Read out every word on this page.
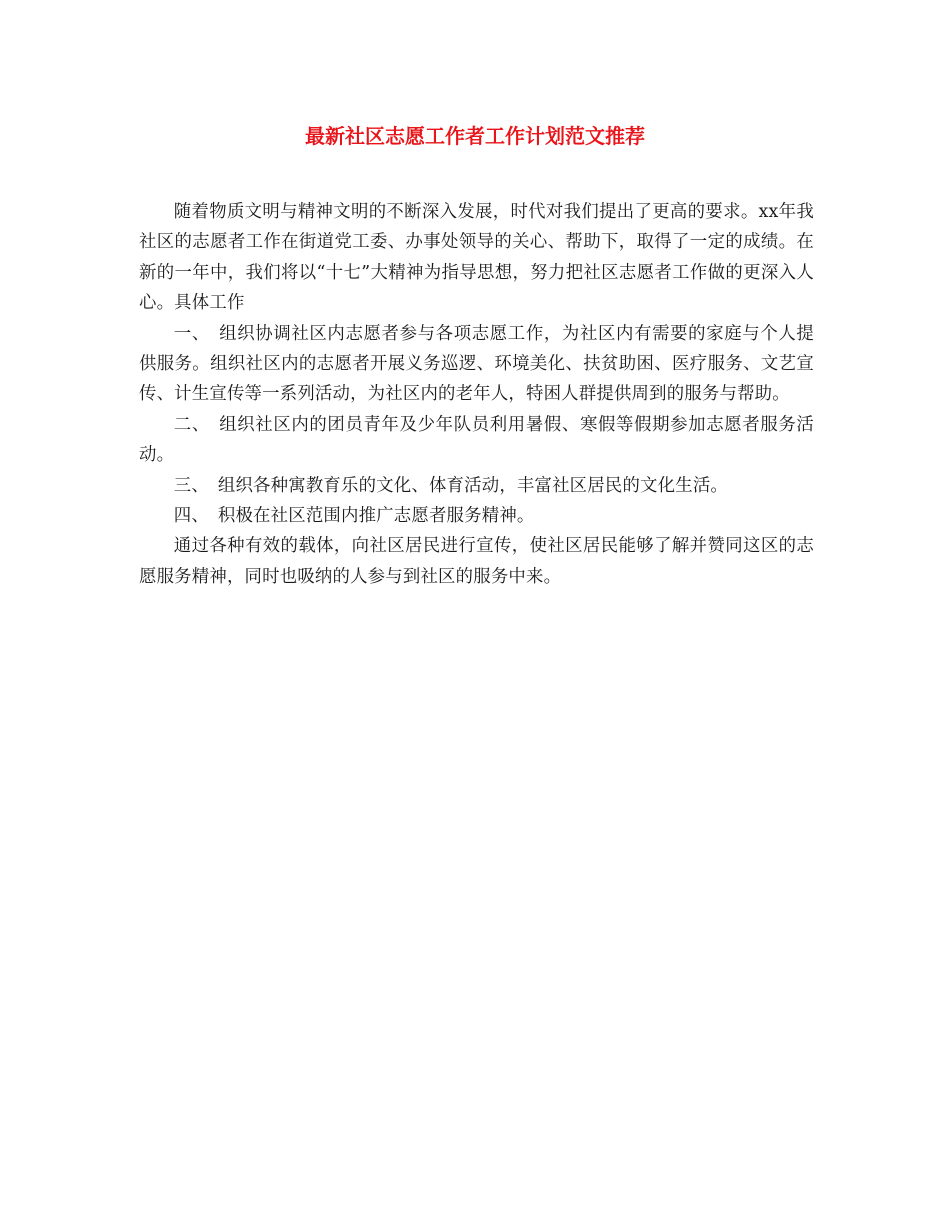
最新社区志愿工作者工作计划范文推荐

随着物质文明与精神文明的不断深入发展，时代对我们提出了更高的要求。xx年我社区的志愿者工作在街道党工委、办事处领导的关心、帮助下，取得了一定的成绩。在新的一年中，我们将以“十七”大精神为指导思想，努力把社区志愿者工作做的更深入人心。具体工作

一、　组织协调社区内志愿者参与各项志愿工作，为社区内有需要的家庭与个人提供服务。组织社区内的志愿者开展义务巡逻、环境美化、扶贫助困、医疗服务、文艺宣传、计生宣传等一系列活动，为社区内的老年人，特困人群提供周到的服务与帮助。

二、　组织社区内的团员青年及少年队员利用暑假、寒假等假期参加志愿者服务活动。

三、　组织各种寓教育乐的文化、体育活动，丰富社区居民的文化生活。

四、　积极在社区范围内推广志愿者服务精神。

通过各种有效的载体，向社区居民进行宣传，使社区居民能够了解并赞同这区的志愿服务精神，同时也吸纳的人参与到社区的服务中来。
